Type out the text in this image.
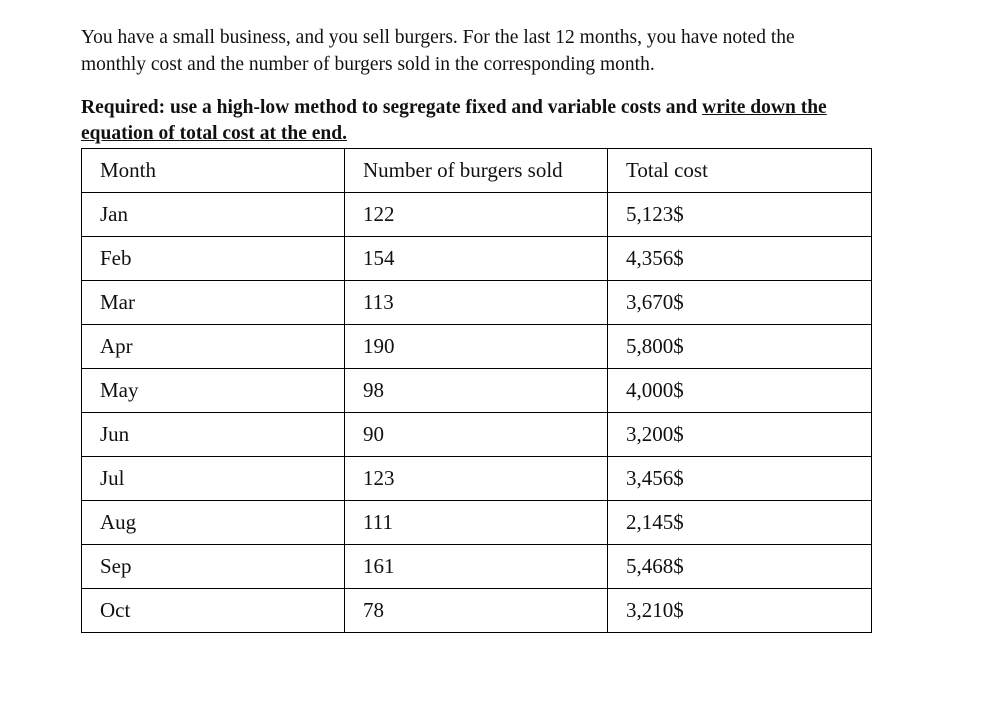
You have a small business, and you sell burgers. For the last 12 months, you have noted the monthly cost and the number of burgers sold in the corresponding month.

Required: use a high-low method to segregate fixed and variable costs and write down the equation of total cost at the end.

Month	Number of burgers sold	Total cost
Jan	122	5,123$
Feb	154	4,356$
Mar	113	3,670$
Apr	190	5,800$
May	98	4,000$
Jun	90	3,200$
Jul	123	3,456$
Aug	111	2,145$
Sep	161	5,468$
Oct	78	3,210$
